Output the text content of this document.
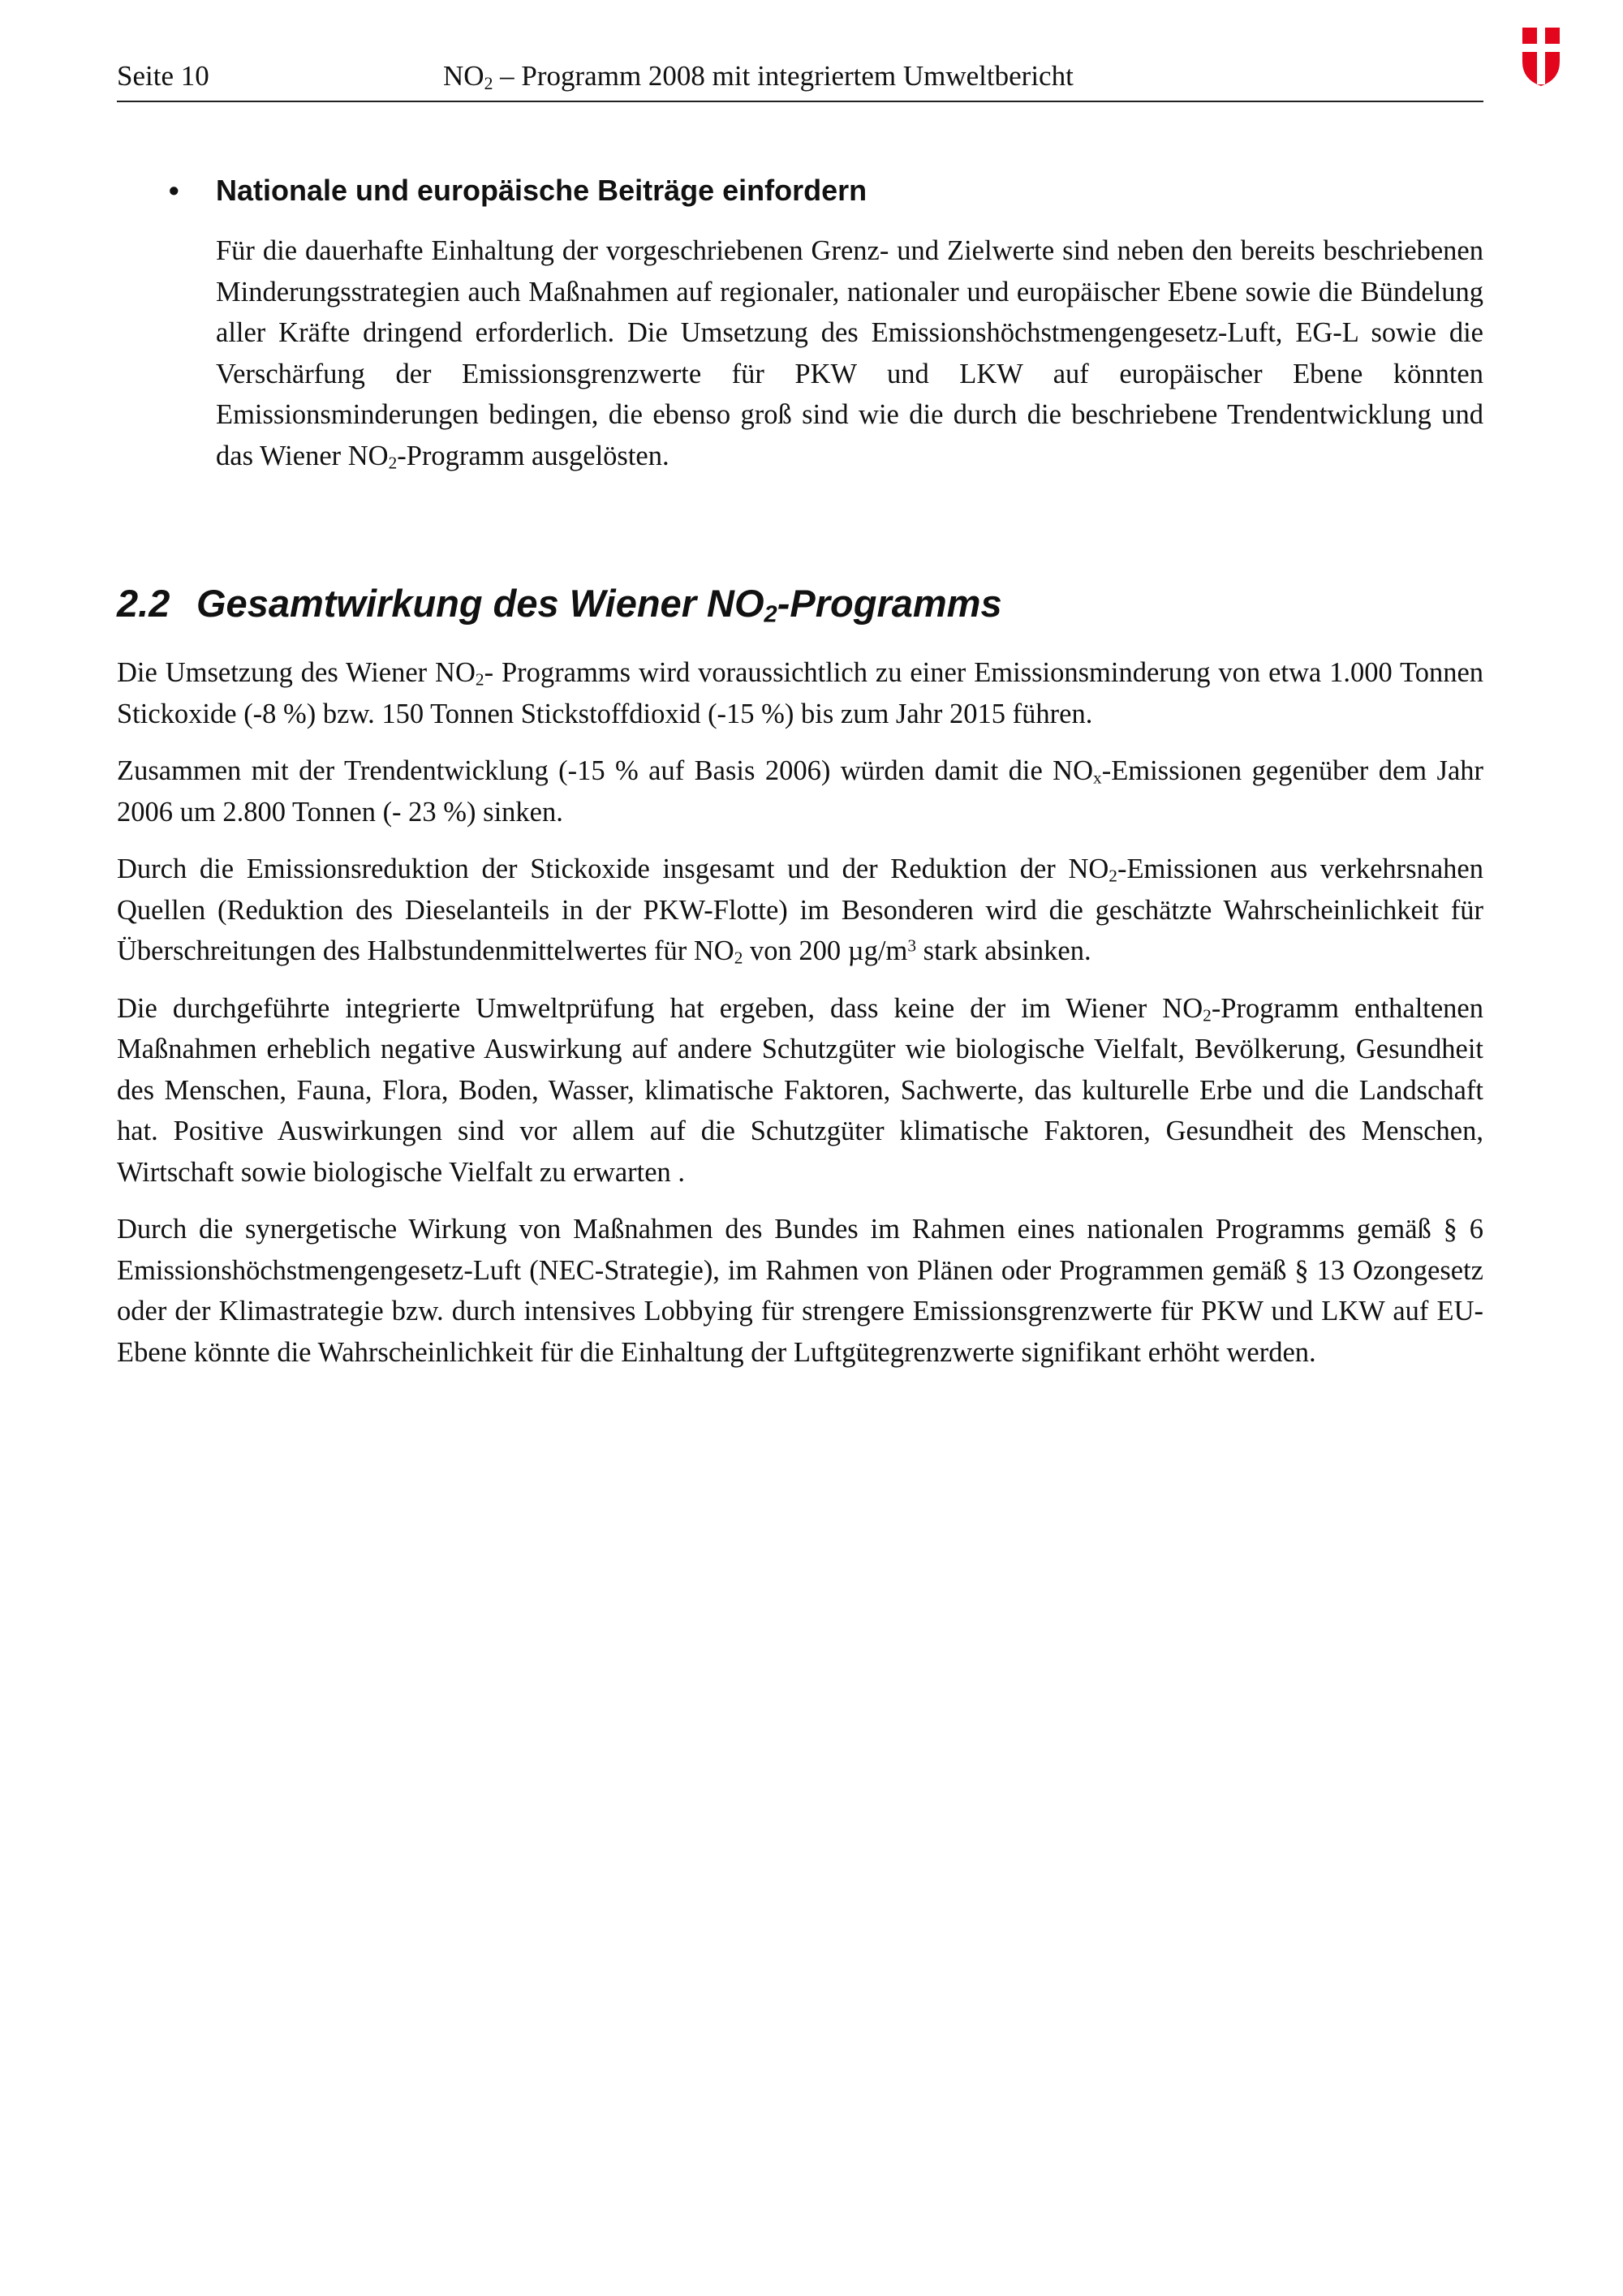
Seite 10	$NO_2$ – Programm 2008 mit integriertem Umweltbericht
• Nationale und europäische Beiträge einfordern
Für die dauerhafte Einhaltung der vorgeschriebenen Grenz- und Zielwerte sind neben den bereits beschriebenen Minderungsstrategien auch Maßnahmen auf regionaler, nationaler und europäischer Ebene sowie die Bündelung aller Kräfte dringend erforderlich. Die Umsetzung des Emissionshöchstmengengesetz-Luft, EG-L sowie die Verschärfung der Emissionsgrenzwerte für PKW und LKW auf europäischer Ebene könnten Emissionsminderungen bedingen, die ebenso groß sind wie die durch die beschriebene Trendentwicklung und das Wiener $NO_2$-Programm ausgelösten.
2.2 Gesamtwirkung des Wiener $NO_2$-Programms

Die Umsetzung des Wiener $NO_2-$ Programms wird voraussichtlich zu einer Emissionsminderung von etwa 1.000 Tonnen Stickoxide (-8 %) bzw. 150 Tonnen Stickstoffdioxid (-15 %) bis zum Jahr 2015 führen.

Zusammen mit der Trendentwicklung (-15 % auf Basis 2006) würden damit die $NO_x$-Emissionen gegenüber dem Jahr 2006 um 2.800 Tonnen (- 23 %) sinken.

Durch die Emissionsreduktion der Stickoxide insgesamt und der Reduktion der $NO_2$-Emissionen aus verkehrsnahen Quellen (Reduktion des Dieselanteils in der PKW-Flotte) im Besonderen wird die geschätzte Wahrscheinlichkeit für Überschreitungen des Halbstundenmittelwertes für $NO_2$ von 200 $\mu g/m^3$ stark absinken.

Die durchgeführte integrierte Umweltprüfung hat ergeben, dass keine der im Wiener $NO_2$-Programm enthaltenen Maßnahmen erheblich negative Auswirkung auf andere Schutzgüter wie biologische Vielfalt, Bevölkerung, Gesundheit des Menschen, Fauna, Flora, Boden, Wasser, klimatische Faktoren, Sachwerte, das kulturelle Erbe und die Landschaft hat. Positive Auswirkungen sind vor allem auf die Schutzgüter klimatische Faktoren, Gesundheit des Menschen, Wirtschaft sowie biologische Vielfalt zu erwarten .

Durch die synergetische Wirkung von Maßnahmen des Bundes im Rahmen eines nationalen Programms gemäß § 6 Emissionshöchstmengengesetz-Luft (NEC-Strategie), im Rahmen von Plänen oder Programmen gemäß § 13 Ozongesetz oder der Klimastrategie bzw. durch intensives Lobbying für strengere Emissionsgrenzwerte für PKW und LKW auf EU-Ebene könnte die Wahrscheinlichkeit für die Einhaltung der Luftgütegrenzwerte signifikant erhöht werden.
